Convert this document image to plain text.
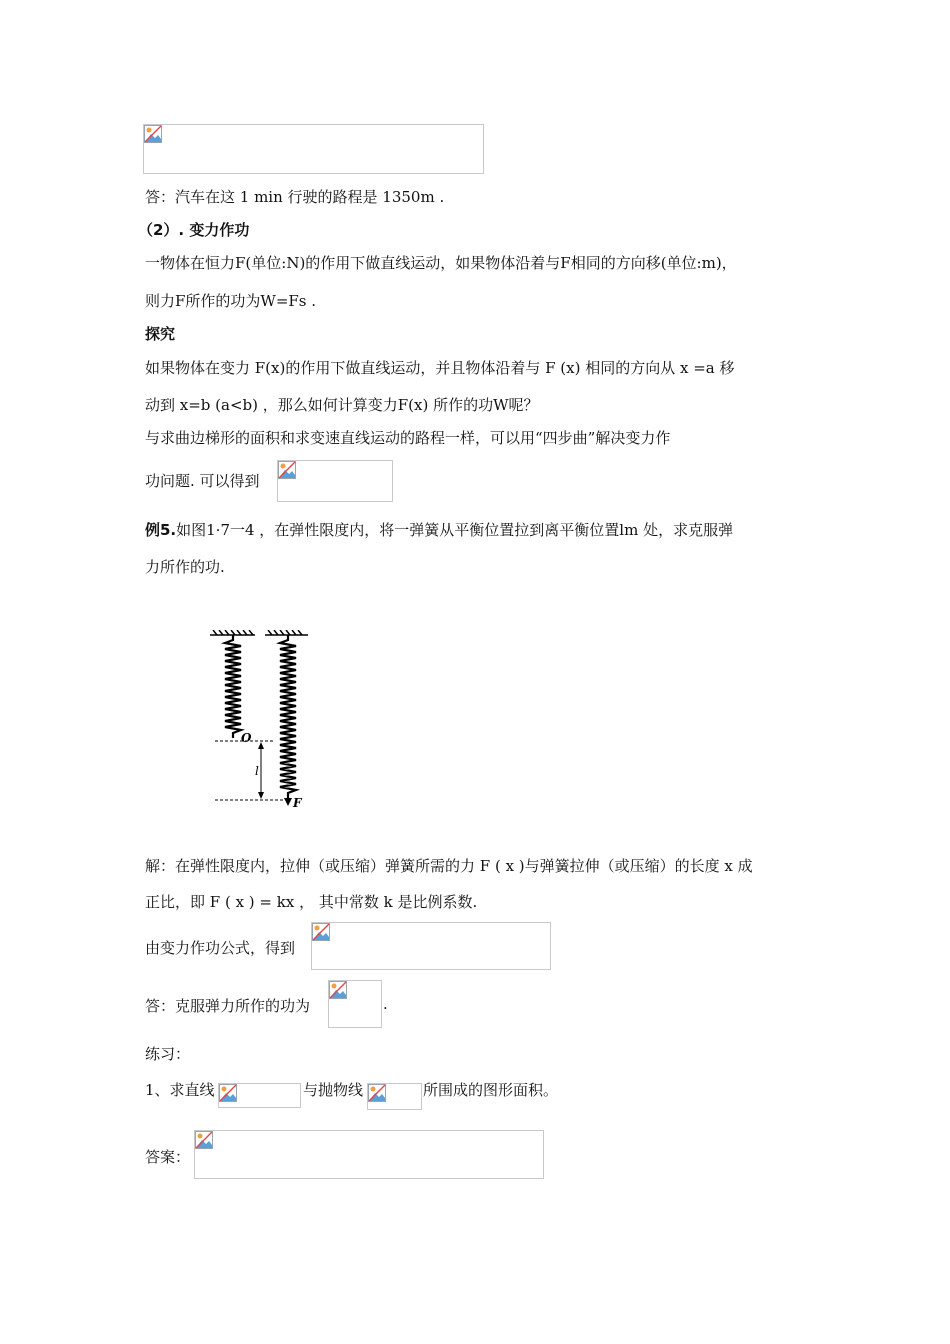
答：汽车在这 1 min 行驶的路程是 1350m .
（2）. 变力作功
一物体在恒力F(单位:N)的作用下做直线运动，如果物体沿着与F相同的方向移(单位:m)，
则力F所作的功为W=Fs .
探究
如果物体在变力 F(x)的作用下做直线运动，并且物体沿着与 F (x) 相同的方向从 x =a 移
动到 x=b (a<b) ，那么如何计算变力F(x) 所作的功W呢？
与求曲边梯形的面积和求变速直线运动的路程一样，可以用“四步曲”解决变力作
功问题. 可以得到
例5.如图1·7一4 ，在弹性限度内，将一弹簧从平衡位置拉到离平衡位置lm 处，求克服弹
力所作的功.
O
l
F
解：在弹性限度内，拉伸（或压缩）弹簧所需的力 F ( x )与弹簧拉伸（或压缩）的长度 x 成
正比，即 F ( x ) = kx ， 其中常数 k 是比例系数.
由变力作功公式，得到
答：克服弹力所作的功为	.
练习：
1、求直线	与抛物线	所围成的图形面积。
答案：
